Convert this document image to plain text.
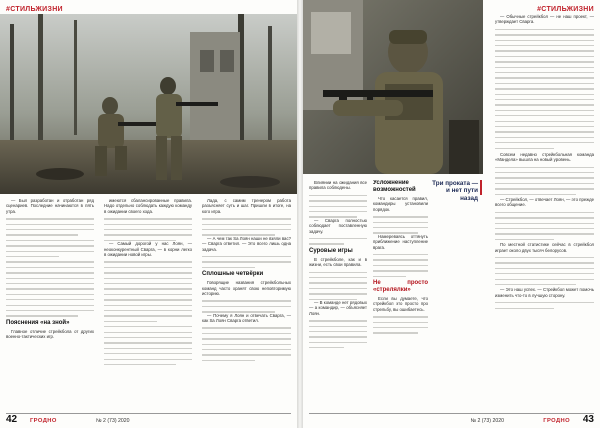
#СТИЛЬЖИЗНИ

— Был разработан и отработан ряд сценариев. Последние начинаются в пять утра.

Пояснения «на зной»

Главное отличие стрейкбола от других военно-тактических игр.

имеются сбалансированные правила. Надо отдельно соблюдать каждую команду в ожидании своего ходa.

— Самый дорогой у нас Лоян, — неоконкурентный Сварга, — в корни легко в ожидании новой игры.

Лада, с самим тренером работа разъясняет суть и шаг. Пришли в итоге, на кого игра.

— А чем так Sa Лоян наши не взяли вас? — Сварга ответил. — Это всего лишь одна задача.

Сплошные четвёрки

Говорящие названия стрейкбольных команд часто хранят свою неповторимую историю.

— Почему я Лоян и отвечать Сварга, — как Sa Лоян Сварга ответил.

42 ГРОДНО	№ 2 (73) 2020
#СТИЛЬЖИЗНИ

— Обычные стрейкбол — не наш проект, — утверждает Сварга.

Совсем недавно стрейкбольная команда «Мандела» вышла на новый уровень.

— Стрейкбол, — отвечает Лоян, — это прежде всего общение.

По местной статистике сейчас в стрейкбол играет около двух тысяч белорусов.

— Это наш успех. — Стрейкбол может помочь изменить что-то в лучшую сторону.

Три проката — и нет пути назад

Влиянии на ожидания все правила соблюдены.

— Сварга полностью соблюдает поставленную задачу.

Суровые игры

В стрейкболе, как и в жизни, есть свои правила.

— В команде нет рядовых — а командир, — объясняет Лоян.

Усложнение возможностей

Что касается правил, командиры установили порядок.

Намереваясь оттянуть приближение наступление врага.

Не просто «стрелялки»

Если вы думаете, что стрейкбол это просто про стрельбу, вы ошибаетесь.

№ 2 (73) 2020	ГРОДНО 43
